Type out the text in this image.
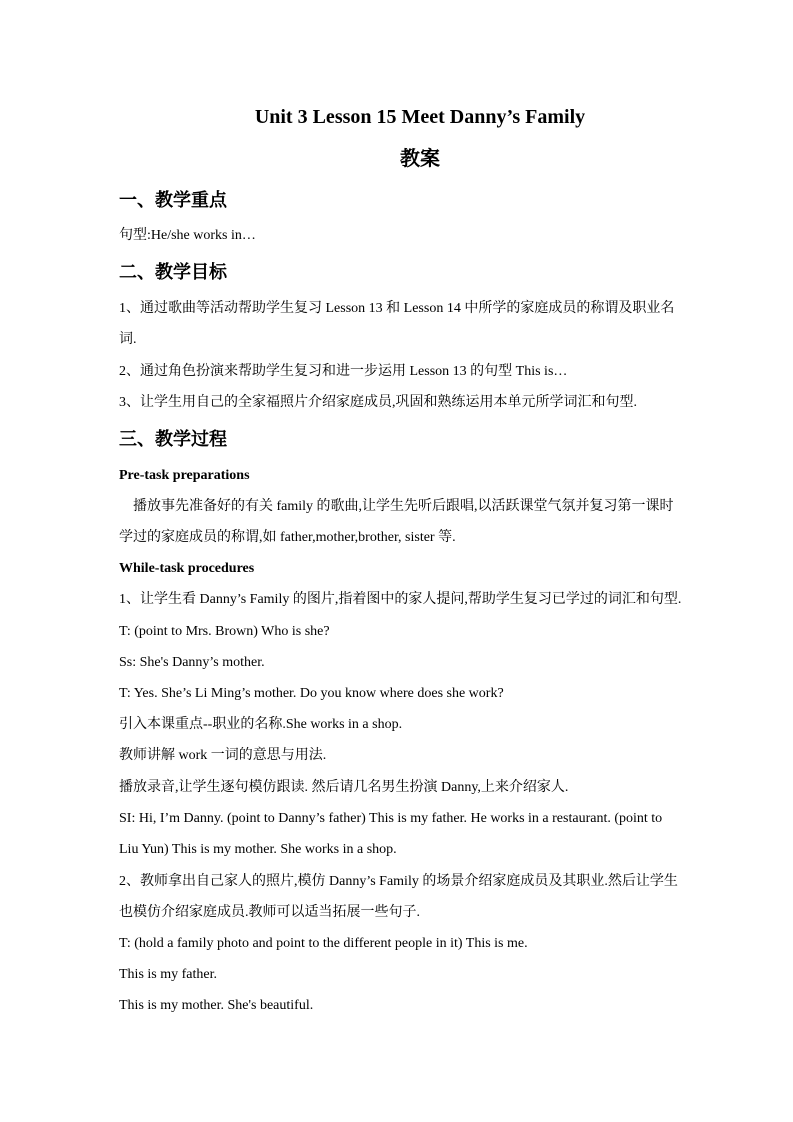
Unit 3 Lesson 15 Meet Danny’s Family
教案
一、教学重点
句型:He/she works in…
二、教学目标
1、通过歌曲等活动帮助学生复习 Lesson 13 和 Lesson 14 中所学的家庭成员的称谓及职业名
词.
2、通过角色扮演来帮助学生复习和进一步运用 Lesson 13 的句型 This is…
3、让学生用自己的全家福照片介绍家庭成员,巩固和熟练运用本单元所学词汇和句型.
三、教学过程
Pre-task preparations
播放事先准备好的有关 family 的歌曲,让学生先听后跟唱,以活跃课堂气氛并复习第一课时
学过的家庭成员的称谓,如 father,mother,brother, sister 等.
While-task procedures
1、让学生看 Danny’s Family 的图片,指着图中的家人提问,帮助学生复习已学过的词汇和句型.
T: (point to Mrs. Brown) Who is she?
Ss: She's Danny’s mother.
T: Yes. She’s Li Ming’s mother. Do you know where does she work?
引入本课重点--职业的名称.She works in a shop.
教师讲解 work 一词的意思与用法.
播放录音,让学生逐句模仿跟读. 然后请几名男生扮演 Danny,上来介绍家人.
SI: Hi, I’m Danny. (point to Danny’s father) This is my father. He works in a restaurant. (point to
Liu Yun) This is my mother. She works in a shop.
2、教师拿出自己家人的照片,模仿 Danny’s Family 的场景介绍家庭成员及其职业.然后让学生
也模仿介绍家庭成员.教师可以适当拓展一些句子.
T: (hold a family photo and point to the different people in it) This is me.
This is my father.
This is my mother. She's beautiful.
